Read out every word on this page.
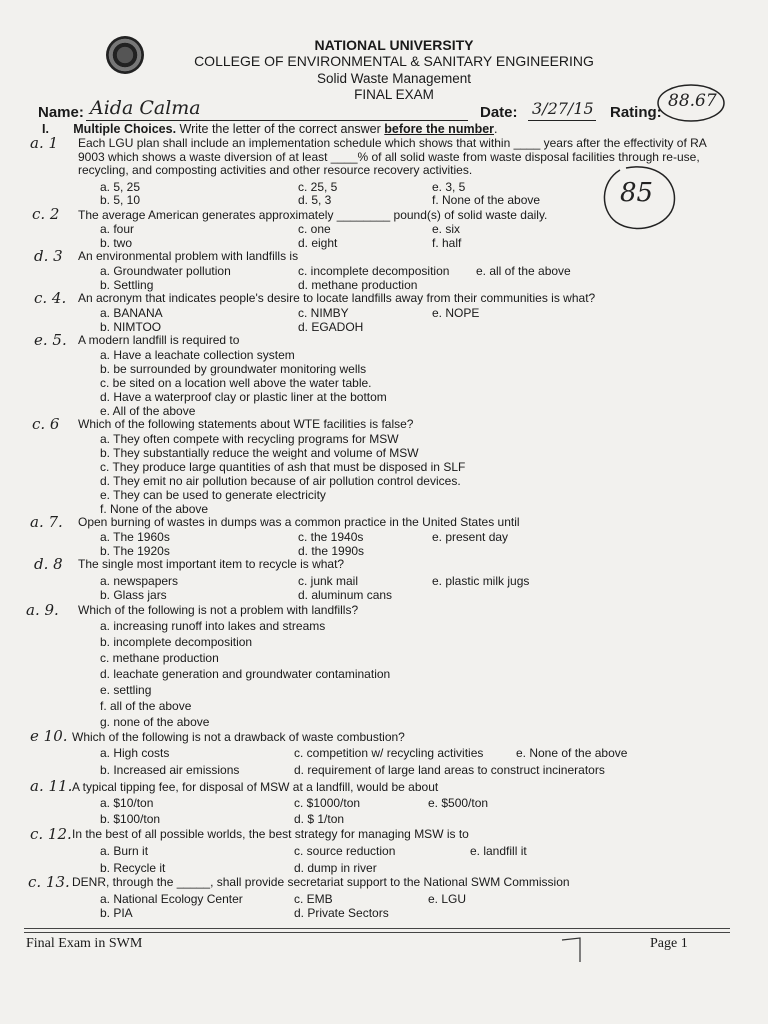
NATIONAL UNIVERSITY
COLLEGE OF ENVIRONMENTAL & SANITARY ENGINEERING
Solid Waste Management
FINAL EXAM
Name: Aida Calma	Date: 3/27/15 Rating:
88.67
85
I. Multiple Choices. Write the letter of the correct answer before the number.
a. 1 Each LGU plan shall include an implementation schedule which shows that within ____ years after the effectivity of RA 9003 which shows a waste diversion of at least ____% of all solid waste from waste disposal facilities through re-use, recycling, and composting activities and other resource recovery activities.
a. 5, 25	c. 25, 5	e. 3, 5
b. 5, 10	d. 5, 3	f. None of the above
c. 2 The average American generates approximately ________ pound(s) of solid waste daily.
a. four	c. one	e. six
b. two	d. eight	f. half
d. 3 An environmental problem with landfills is
a. Groundwater pollution	c. incomplete decomposition e. all of the above
b. Settling	d. methane production
c. 4. An acronym that indicates people's desire to locate landfills away from their communities is what?
a. BANANA	c. NIMBY	e. NOPE
b. NIMTOO	d. EGADOH
e. 5. A modern landfill is required to
a. Have a leachate collection system
b. be surrounded by groundwater monitoring wells
c. be sited on a location well above the water table.
d. Have a waterproof clay or plastic liner at the bottom
e. All of the above
c. 6 Which of the following statements about WTE facilities is false?
a. They often compete with recycling programs for MSW
b. They substantially reduce the weight and volume of MSW
c. They produce large quantities of ash that must be disposed in SLF
d. They emit no air pollution because of air pollution control devices.
e. They can be used to generate electricity
f. None of the above
a. 7. Open burning of wastes in dumps was a common practice in the United States until
a. The 1960s	c. the 1940s	e. present day
b. The 1920s	d. the 1990s
d. 8 The single most important item to recycle is what?
a. newspapers	c. junk mail	e. plastic milk jugs
b. Glass jars	d. aluminum cans
a. 9. Which of the following is not a problem with landfills?
a. increasing runoff into lakes and streams
b. incomplete decomposition
c. methane production
d. leachate generation and groundwater contamination
e. settling
f. all of the above
g. none of the above
e 10. Which of the following is not a drawback of waste combustion?
a. High costs	c. competition w/ recycling activities	e. None of the above
b. Increased air emissions	d. requirement of large land areas to construct incinerators
a. 11. A typical tipping fee, for disposal of MSW at a landfill, would be about
a. $10/ton	c. $1000/ton	e. $500/ton
b. $100/ton	d. $ 1/ton
c. 12. In the best of all possible worlds, the best strategy for managing MSW is to
a. Burn it	c. source reduction	e. landfill it
b. Recycle it	d. dump in river
c. 13. DENR, through the _____, shall provide secretariat support to the National SWM Commission
a. National Ecology Center	c. EMB	e. LGU
b. PIA	d. Private Sectors
Final Exam in SWM	Page 1
